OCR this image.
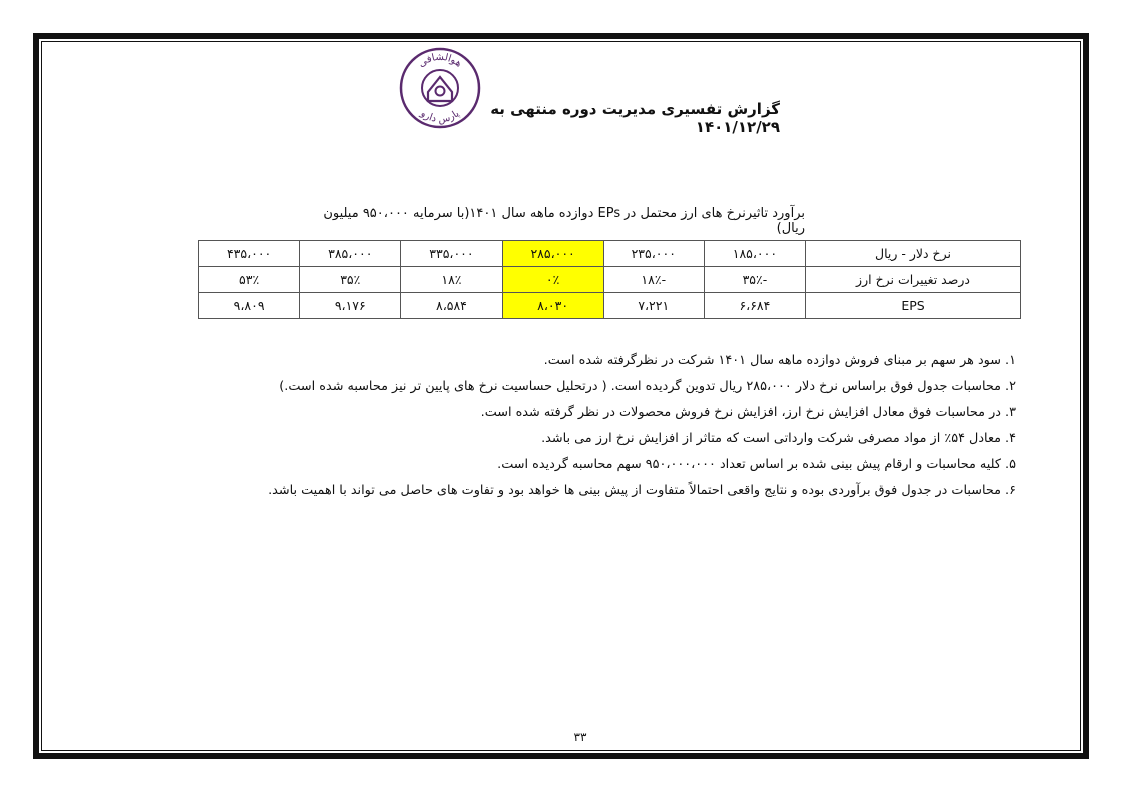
هوالشافی
پارس دارو	گزارش تفسیری مدیریت دوره منتهی به ۱۴۰۱/۱۲/۲۹
برآورد تاثیرنرخ های ارز محتمل در EPs دوازده ماهه سال ۱۴۰۱(با سرمایه ۹۵۰،۰۰۰ میلیون ریال)
نرخ دلار - ریال	۱۸۵،۰۰۰	۲۳۵،۰۰۰	۲۸۵،۰۰۰	۳۳۵،۰۰۰	۳۸۵،۰۰۰	۴۳۵،۰۰۰
درصد تغییرات نرخ ارز	-۳۵٪	-۱۸٪	۰٪	۱۸٪	۳۵٪	۵۳٪
EPS	۶،۶۸۴	۷،۲۲۱	۸،۰۳۰	۸،۵۸۴	۹،۱۷۶	۹،۸۰۹
۱. سود هر سهم بر مبنای فروش دوازده ماهه سال ۱۴۰۱ شرکت در نظرگرفته شده است.
۲. محاسبات جدول فوق براساس نرخ دلار ۲۸۵،۰۰۰ ریال تدوین گردیده است. ( درتحلیل حساسیت نرخ های پایین تر نیز محاسبه شده است.)
۳. در محاسبات فوق معادل افزایش نرخ ارز، افزایش نرخ فروش محصولات در نظر گرفته شده است.
۴. معادل ۵۴٪ از مواد مصرفی شرکت وارداتی است که متاثر از افزایش نرخ ارز می باشد.
۵. کلیه محاسبات و ارقام پیش بینی شده بر اساس تعداد ۹۵۰،۰۰۰،۰۰۰ سهم محاسبه گردیده است.
۶. محاسبات در جدول فوق برآوردی بوده و نتایج واقعی احتمالاً متفاوت از پیش بینی ها خواهد بود و تفاوت های حاصل می تواند با اهمیت باشد.
۳۳
